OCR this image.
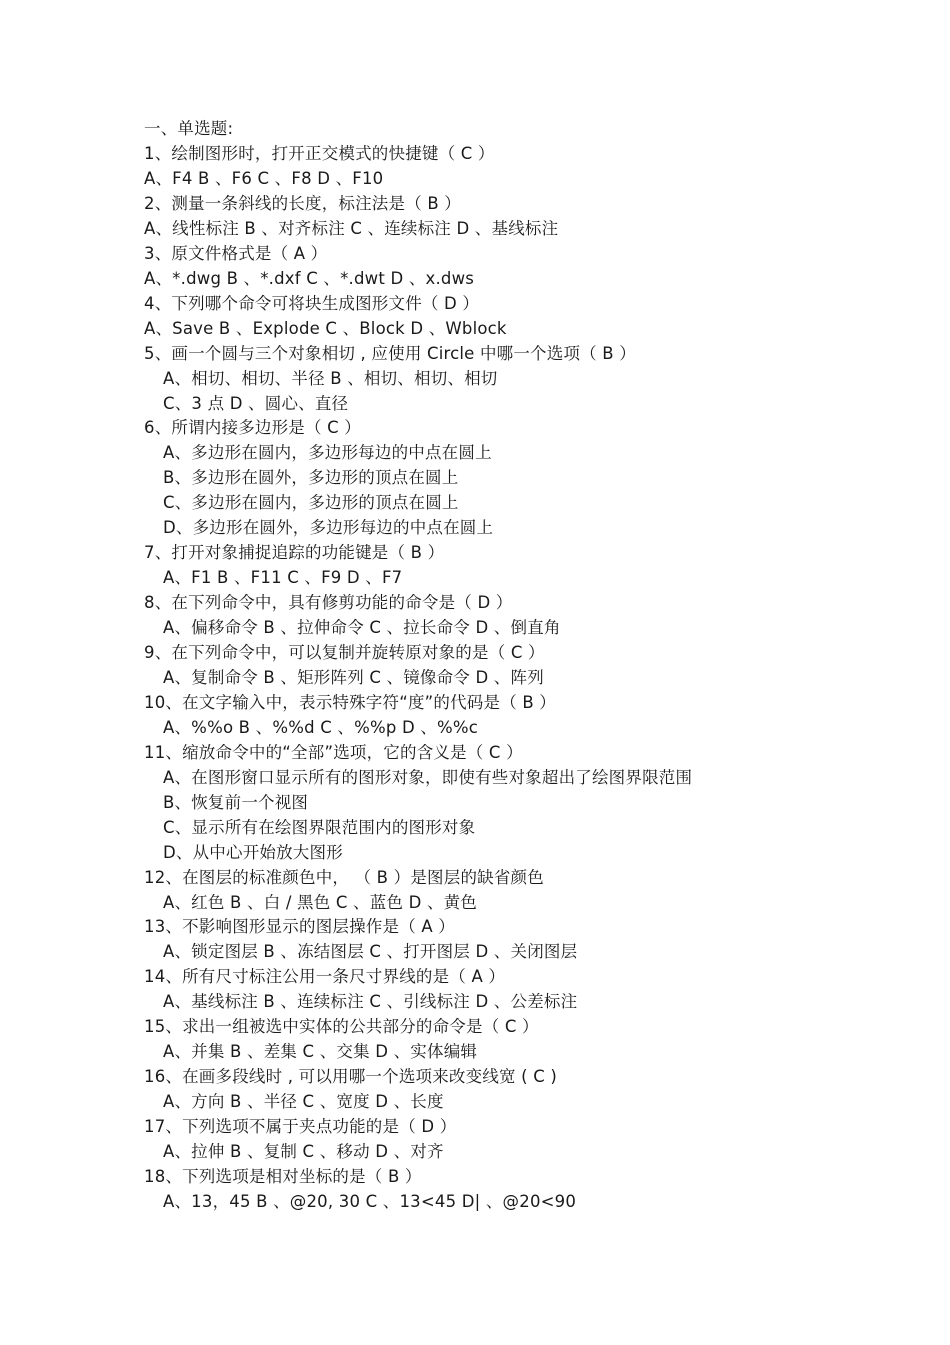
一、单选题:
1、绘制图形时，打开正交模式的快捷键（ C ）
A、F4 B 、F6 C 、F8 D 、F10
2、测量一条斜线的长度，标注法是（ B ）
A、线性标注 B 、对齐标注 C 、连续标注 D 、基线标注
3、原文件格式是（ A ）
A、*.dwg B 、*.dxf C 、*.dwt D 、x.dws
4、下列哪个命令可将块生成图形文件（ D ）
A、Save B 、Explode C 、Block D 、Wblock
5、画一个圆与三个对象相切 , 应使用 Circle 中哪一个选项（ B ）
A、相切、相切、半径 B 、相切、相切、相切
C、3 点 D 、圆心、直径
6、所谓内接多边形是（ C ）
A、多边形在圆内，多边形每边的中点在圆上
B、多边形在圆外，多边形的顶点在圆上
C、多边形在圆内，多边形的顶点在圆上
D、多边形在圆外，多边形每边的中点在圆上
7、打开对象捕捉追踪的功能键是（ B ）
A、F1 B 、F11 C 、F9 D 、F7
8、在下列命令中，具有修剪功能的命令是（ D ）
A、偏移命令 B 、拉伸命令 C 、拉长命令 D 、倒直角
9、在下列命令中，可以复制并旋转原对象的是（ C ）
A、复制命令 B 、矩形阵列 C 、镜像命令 D 、阵列
10、在文字输入中，表示特殊字符“度”的代码是（ B ）
A、%%o B 、%%d C 、%%p D 、%%c
11、缩放命令中的“全部”选项，它的含义是（ C ）
A、在图形窗口显示所有的图形对象，即使有些对象超出了绘图界限范围
B、恢复前一个视图
C、显示所有在绘图界限范围内的图形对象
D、从中心开始放大图形
12、在图层的标准颜色中， （ B ）是图层的缺省颜色
A、红色 B 、白 / 黑色 C 、蓝色 D 、黄色
13、不影响图形显示的图层操作是（ A ）
A、锁定图层 B 、冻结图层 C 、打开图层 D 、关闭图层
14、所有尺寸标注公用一条尺寸界线的是（ A ）
A、基线标注 B 、连续标注 C 、引线标注 D 、公差标注
15、求出一组被选中实体的公共部分的命令是（ C ）
A、并集 B 、差集 C 、交集 D 、实体编辑
16、在画多段线时 , 可以用哪一个选项来改变线宽 ( C )
A、方向 B 、半径 C 、宽度 D 、长度
17、下列选项不属于夹点功能的是（ D ）
A、拉伸 B 、复制 C 、移动 D 、对齐
18、下列选项是相对坐标的是（ B ）
A、13，45 B 、@20, 30 C 、13<45 D| 、@20<90
